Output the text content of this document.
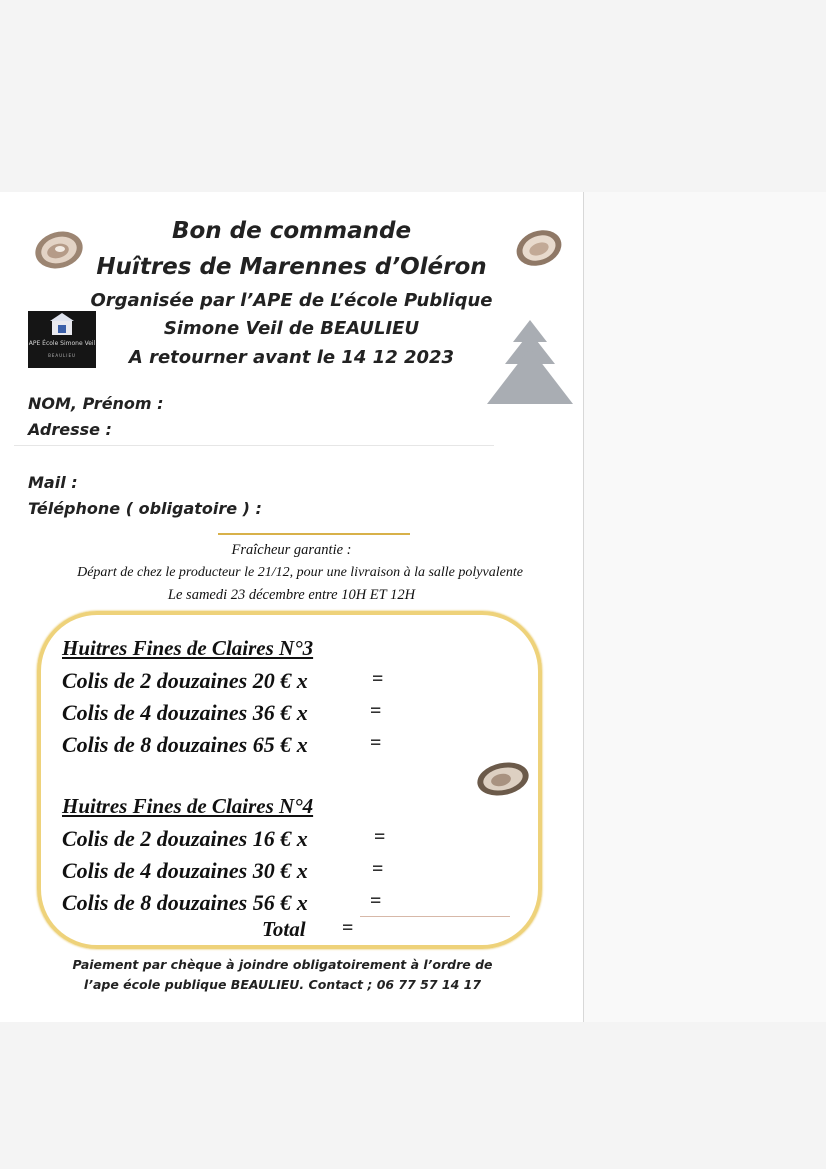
Bon de commande
Huîtres de Marennes d’Oléron
Organisée par l’APE de L’école Publique
Simone Veil de BEAULIEU
A retourner avant le 14 12 2023
APE École Simone Veil
BEAULIEU
NOM, Prénom :
Adresse :
Mail :
Téléphone ( obligatoire ) :
Fraîcheur garantie :
Départ de chez le producteur le 21/12, pour une livraison à la salle polyvalente
Le samedi 23 décembre entre 10H ET 12H
Huitres Fines de Claires N°3
Colis de 2 douzaines 20 € x	=
Colis de 4 douzaines 36 € x	=
Colis de 8 douzaines 65 € x	=
Huitres Fines de Claires N°4
Colis de 2 douzaines 16 € x	=
Colis de 4 douzaines 30 € x	=
Colis de 8 douzaines 56 € x	=
Total =
Paiement par chèque à joindre obligatoirement à l’ordre de
l’ape école publique BEAULIEU. Contact ; 06 77 57 14 17
